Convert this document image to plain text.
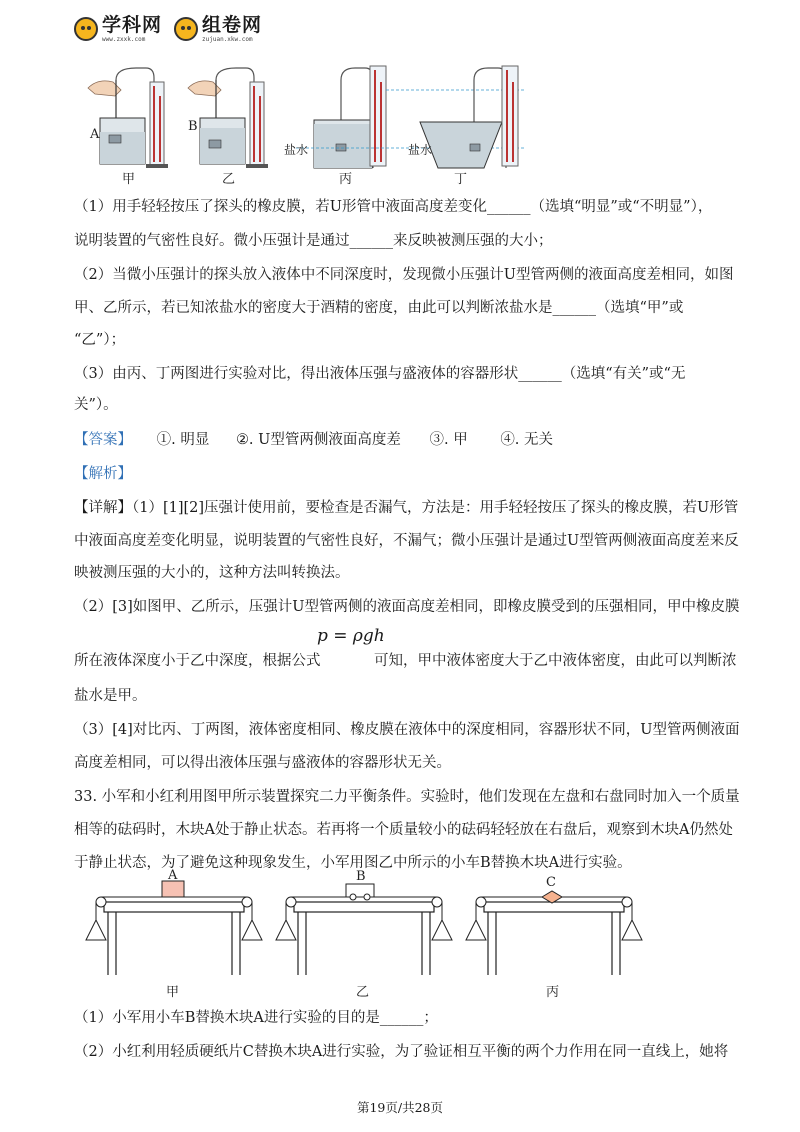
学科网
www.zxxk.com
组卷网
zujuan.xkw.com
A
甲
B
乙
盐水
丙
盐水
丁
（1）用手轻轻按压了探头的橡皮膜，若U形管中液面高度差变化______（选填“明显”或“不明显”），
说明装置的气密性良好。微小压强计是通过______来反映被测压强的大小；
（2）当微小压强计的探头放入液体中不同深度时，发现微小压强计U型管两侧的液面高度差相同，如图
甲、乙所示，若已知浓盐水的密度大于酒精的密度，由此可以判断浓盐水是______（选填“甲”或
“乙”）；
（3）由丙、丁两图进行实验对比，得出液体压强与盛液体的容器形状______（选填“有关”或“无
关”）。
【答案】 ①. 明显 ②. U型管两侧液面高度差 ③. 甲 ④. 无关
【解析】
【详解】（1）[1][2]压强计使用前，要检查是否漏气，方法是：用手轻轻按压了探头的橡皮膜，若U形管
中液面高度差变化明显，说明装置的气密性良好，不漏气；微小压强计是通过U型管两侧液面高度差来反
映被测压强的大小的，这种方法叫转换法。
（2）[3]如图甲、乙所示，压强计U型管两侧的液面高度差相同，即橡皮膜受到的压强相同，甲中橡皮膜
所在液体深度小于乙中深度，根据公式
p = ρgh
可知，甲中液体密度大于乙中液体密度，由此可以判断浓
盐水是甲。
（3）[4]对比丙、丁两图，液体密度相同、橡皮膜在液体中的深度相同，容器形状不同，U型管两侧液面
高度差相同，可以得出液体压强与盛液体的容器形状无关。
33. 小军和小红利用图甲所示装置探究二力平衡条件。实验时，他们发现在左盘和右盘同时加入一个质量
相等的砝码时，木块A处于静止状态。若再将一个质量较小的砝码轻轻放在右盘后，观察到木块A仍然处
于静止状态，为了避免这种现象发生，小军用图乙中所示的小车B替换木块A进行实验。
A
甲
B
乙
C
丙
（1）小军用小车B替换木块A进行实验的目的是______；
（2）小红利用轻质硬纸片C替换木块A进行实验，为了验证相互平衡的两个力作用在同一直线上，她将
第19页/共28页
